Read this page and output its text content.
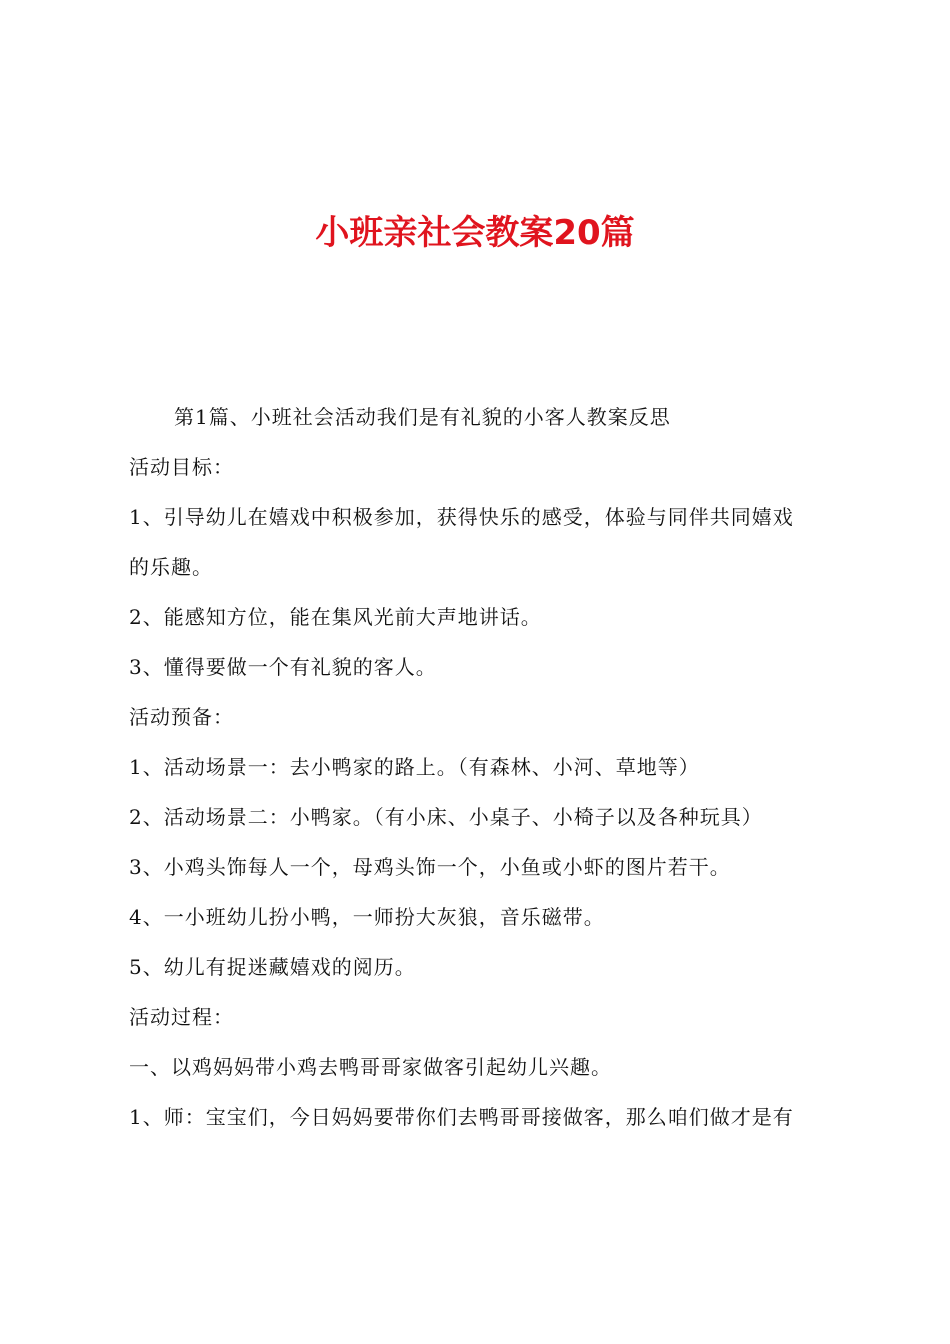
小班亲社会教案20篇
第1篇、小班社会活动我们是有礼貌的小客人教案反思
活动目标：
1、引导幼儿在嬉戏中积极参加，获得快乐的感受，体验与同伴共同嬉戏
的乐趣。
2、能感知方位，能在集风光前大声地讲话。
3、懂得要做一个有礼貌的客人。
活动预备：
1、活动场景一：去小鸭家的路上。（有森林、小河、草地等）
2、活动场景二：小鸭家。（有小床、小桌子、小椅子以及各种玩具）
3、小鸡头饰每人一个，母鸡头饰一个，小鱼或小虾的图片若干。
4、一小班幼儿扮小鸭，一师扮大灰狼，音乐磁带。
5、幼儿有捉迷藏嬉戏的阅历。
活动过程：
一、以鸡妈妈带小鸡去鸭哥哥家做客引起幼儿兴趣。
1、师：宝宝们，今日妈妈要带你们去鸭哥哥接做客，那么咱们做才是有
